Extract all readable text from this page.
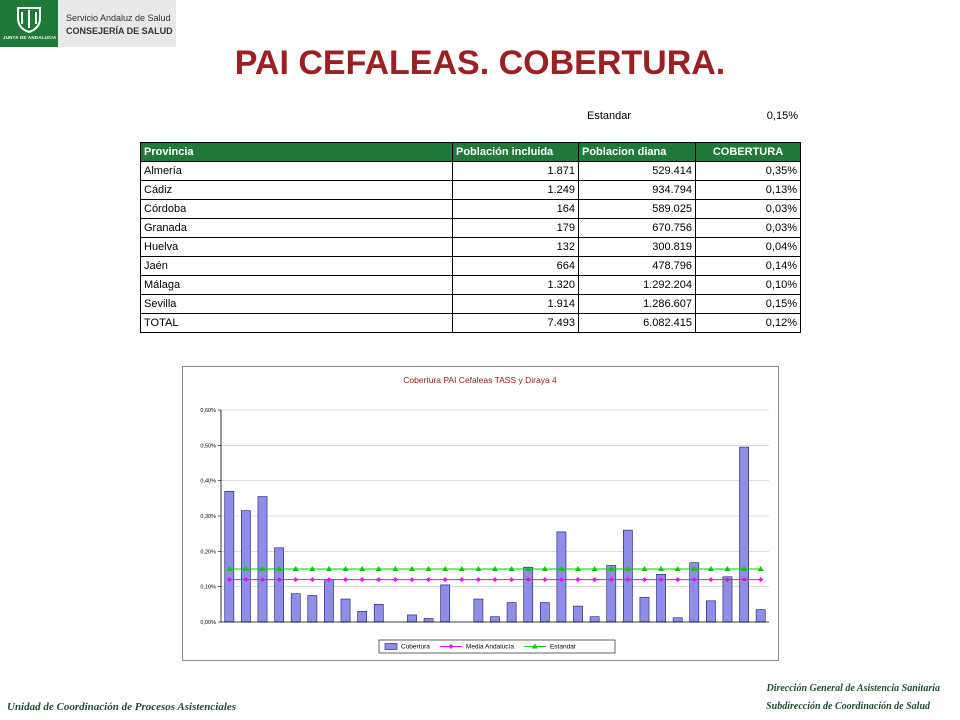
JUNTA DE ANDALUCIA
Servicio Andaluz de Salud
CONSEJERÍA DE SALUD
PAI CEFALEAS. COBERTURA.
Estandar	0,15%
Provincia	Población incluida	Poblacion diana	COBERTURA
Almería	1.871	529.414	0,35%
Cádiz	1.249	934.794	0,13%
Córdoba	164	589.025	0,03%
Granada	179	670.756	0,03%
Huelva	132	300.819	0,04%
Jaén	664	478.796	0,14%
Málaga	1.320	1.292.204	0,10%
Sevilla	1.914	1.286.607	0,15%
TOTAL	7.493	6.082.415	0,12%
Cobertura PAI Cefaleas TASS y Diraya 4
0,00%
0,10%
0,20%
0,30%
0,40%
0,50%
0,60%
Cobertura	Media Andalucía	Estandar
Unidad de Coordinación de Procesos Asistenciales
Dirección General de Asistencia Sanitaria
Subdirección de Coordinación de Salud
